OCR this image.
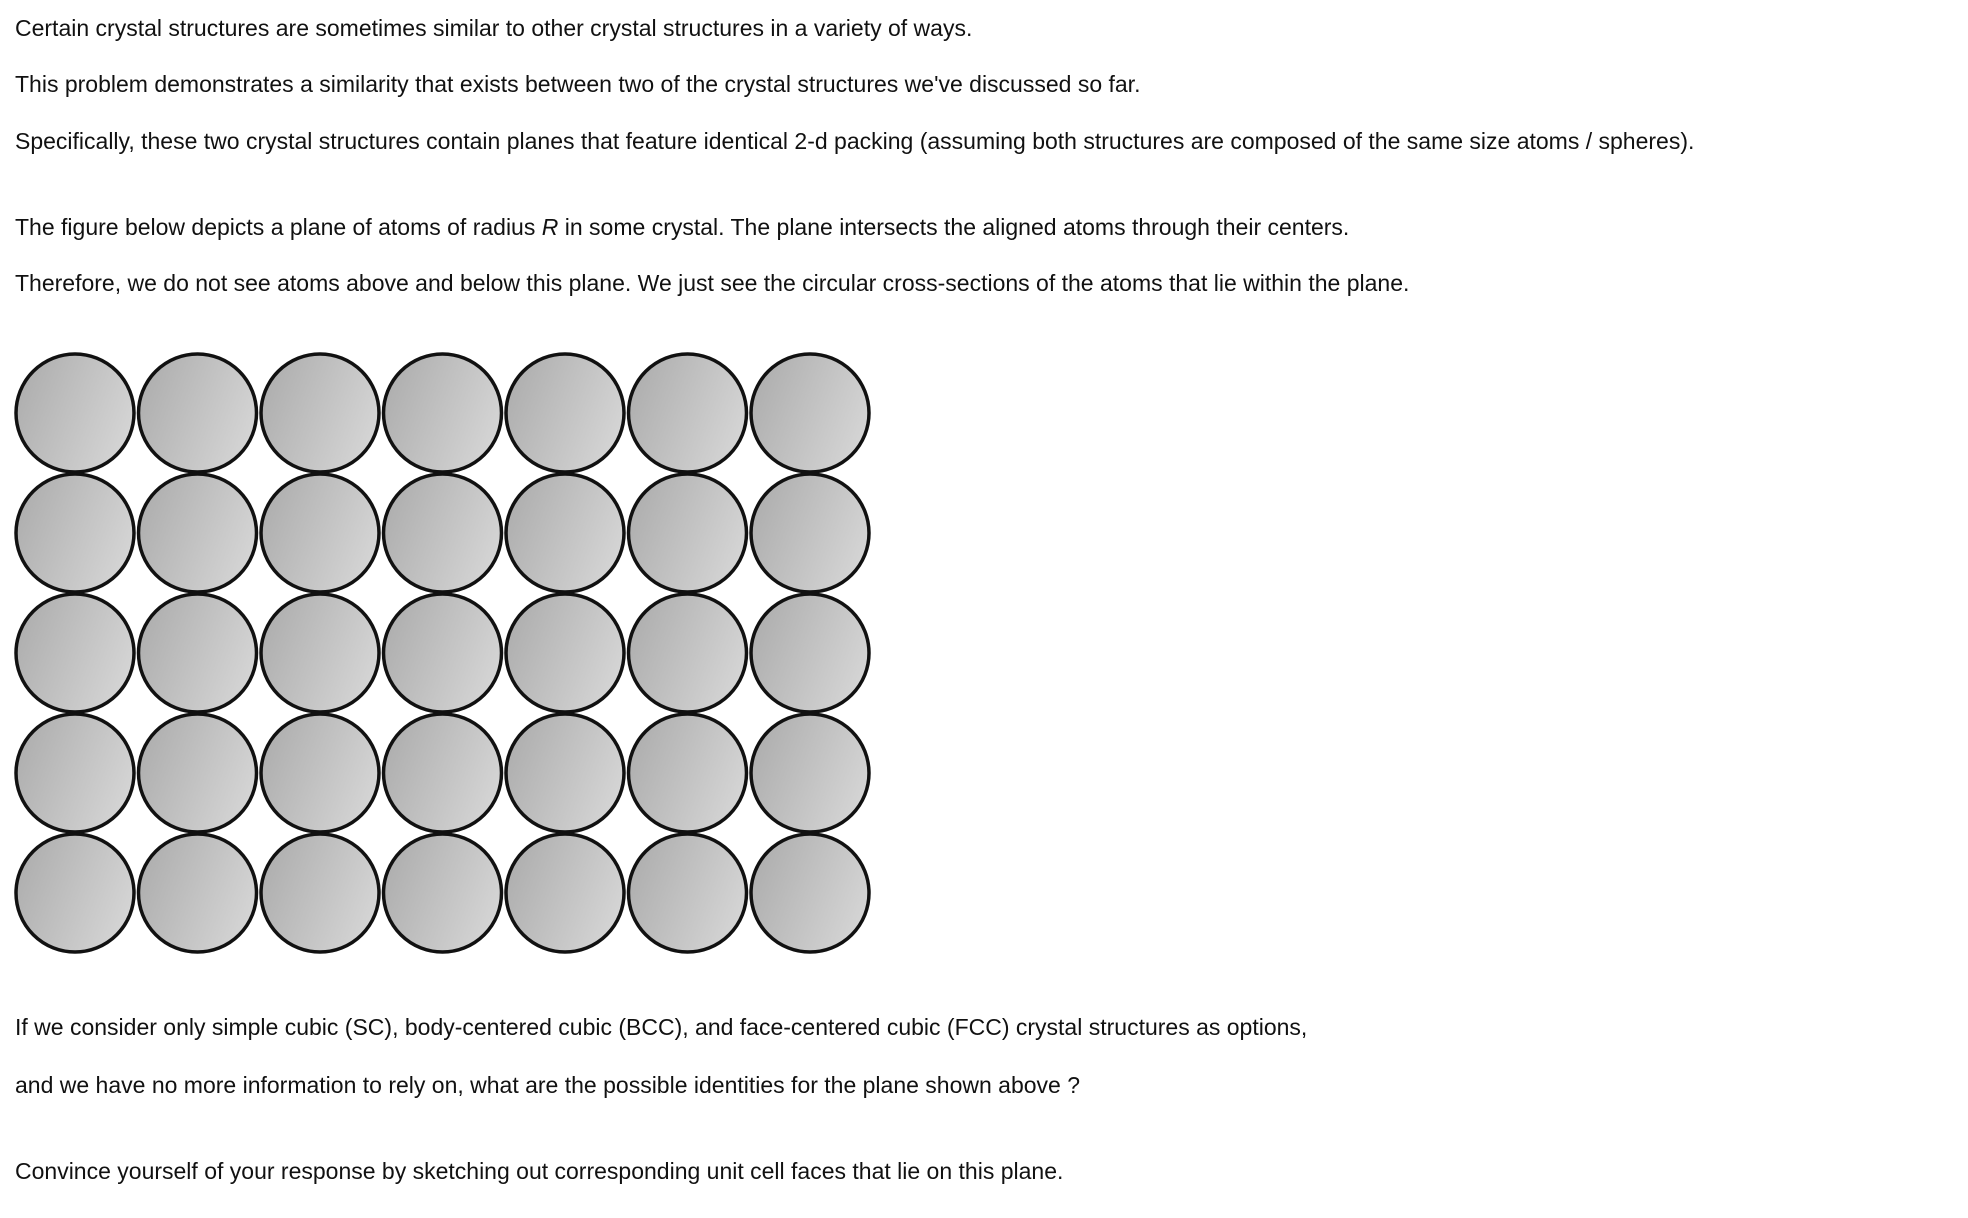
Certain crystal structures are sometimes similar to other crystal structures in a variety of ways.

This problem demonstrates a similarity that exists between two of the crystal structures we've discussed so far.

Specifically, these two crystal structures contain planes that feature identical 2-d packing (assuming both structures are composed of the same size atoms / spheres).

The figure below depicts a plane of atoms of radius R in some crystal. The plane intersects the aligned atoms through their centers.

Therefore, we do not see atoms above and below this plane. We just see the circular cross-sections of the atoms that lie within the plane.

If we consider only simple cubic (SC), body-centered cubic (BCC), and face-centered cubic (FCC) crystal structures as options,

and we have no more information to rely on, what are the possible identities for the plane shown above ?

Convince yourself of your response by sketching out corresponding unit cell faces that lie on this plane.
